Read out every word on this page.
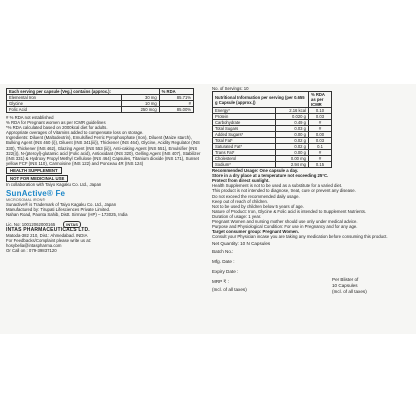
Each serving per capsule (Veg.) contains (approx.):		% RDA
Elemental Iron	30 mg	85.71%
Glycine	10 mg	#
Folic Acid	250 mcg	85.00%

# % RDA not established

% RDA for Pregnant women as per ICMR guidelines

*% RDA calculated based on 2000kcal diet for adults.

Appropriate overages of Vitamins added to compensate loss on storage.

Ingredients: Diluent (Maltodextrin), Emulsified Ferric Pyrophosphate (Iron), Diluent (Maize starch), Bulking Agent (INS 460 (i)), Diluent (INS 341(iii)), Thickener (INS 464), Glycine, Acidity Regulator (INS 330), Thickener (INS 462), Glazing Agent (INS 553 (iii)), Anti-caking Agent (INS 551), Emulsifier (INS 322(i)), N-(pteroyl)-glutamic acid (Folic acid), Antioxidant (INS 320), Gelling Agent (INS 407), Stabilizer (INS 331) & Hydroxy Propyl Methyl Cellulose (INS 464) Capsules, Titanium dioxide (INS 171), Sunset yellow FCF (INS 110), Carmoisine (INS 122) and Ponceau 4R (INS 124)

HEALTH SUPPLEMENT
NOT FOR MEDICINAL USE

In collaboration with Taiyo Kagaku Co. Ltd., Japan

SunActive® Fe
MICROSOMAL IRON®

Sunactive® is Trademark of Taiyo Kagaku Co. Ltd., Japan

Manufactured by: Tirupati Lifesciences Private Limited.

Nahan Road, Paonta Sahib, Distt. Sirmaur (HP) – 173025, India

Lic. No: 10012062000165	INTAS
INTAS PHARMACEUTICALS LTD.

Matoda-382 210, Dist.: Ahmedabad. INDIA

For Feedbacks/Complaint please write us at:

hosybelia@intaspharma.com

Or Call on : 079-39837120

No. of Servings: 10

Nutritional Information per serving (per 0.655 g Capsule (approx.))		% RDA as per ICMR
Energy*	2.16 kcal	0.10
Protein	0.020 g	0.03
Carbohydrate	0.49 g	#
Total Sugars	0.03 g	#
Added Sugars*	0.00 g	0.00
Total Fat*	0.02 g	0.03
Saturated Fat*	0.02 g	0.1
Trans Fat*	0.00 g	#
Cholesterol	0.00 mg	#
Sodium*	2.94 mg	0.15

Recommended Usage: One capsule a day.

Store in a dry place at a temperature not exceeding 25°C.

Protect from direct sunlight.

Health Supplement is not to be used as a substitute for a varied diet.

This product is not intended to diagnose, treat, cure or prevent any disease.

Do not exceed the recommended daily usage.

Keep out of reach of children.

Not to be used by children below 5 years of age.

Nature of Product: Iron, Glycine & Folic acid is intended to Supplement Nutrients.

Duration of usage: 1 year.

Pregnant Women and nursing mother should use only under medical advice.

Purpose and Physiological Condition: For use in Pregnancy and for any age.

Target consumer group: Pregnant Women.

Consult your Physician incase you are taking any medication before consuming this product.

Net Quantity: 10 N Capsules
Batch No.:
Mfg. Date :
Expiry Date :
MRP ₹ :
(Incl. of all taxes)
Per Blister of
10 Capsules
(Incl. of all taxes)
